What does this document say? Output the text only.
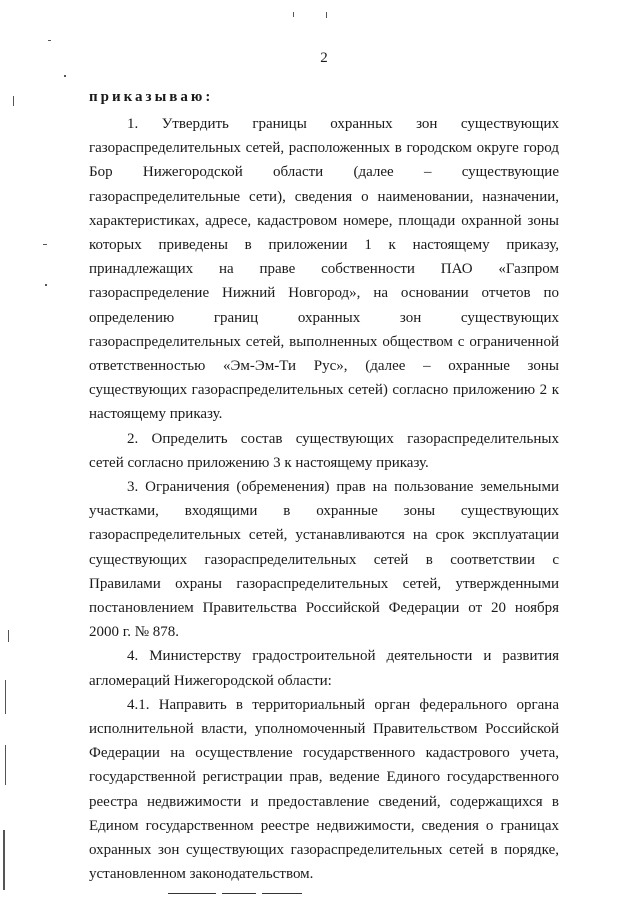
2
приказываю:

1. Утвердить границы охранных зон существующих газораспределительных сетей, расположенных в городском округе город Бор Нижегородской области (далее – существующие газораспределительные сети), сведения о наименовании, назначении, характеристиках, адресе, кадастровом номере, площади охранной зоны которых приведены в приложении 1 к настоящему приказу, принадлежащих на праве собственности ПАО «Газпром газораспределение Нижний Новгород», на основании отчетов по определению границ охранных зон существующих газораспределительных сетей, выполненных обществом с ограниченной ответственностью «Эм-Эм-Ти Рус», (далее – охранные зоны существующих газораспределительных сетей) согласно приложению 2 к настоящему приказу.

2. Определить состав существующих газораспределительных сетей согласно приложению 3 к настоящему приказу.

3. Ограничения (обременения) прав на пользование земельными участками, входящими в охранные зоны существующих газораспределительных сетей, устанавливаются на срок эксплуатации существующих газораспределительных сетей в соответствии с Правилами охраны газораспределительных сетей, утвержденными постановлением Правительства Российской Федерации от 20 ноября 2000 г. № 878.

4. Министерству градостроительной деятельности и развития агломераций Нижегородской области:

4.1. Направить в территориальный орган федерального органа исполнительной власти, уполномоченный Правительством Российской Федерации на осуществление государственного кадастрового учета, государственной регистрации прав, ведение Единого государственного реестра недвижимости и предоставление сведений, содержащихся в Едином государственном реестре недвижимости, сведения о границах охранных зон существующих газораспределительных сетей в порядке, установленном законодательством.
